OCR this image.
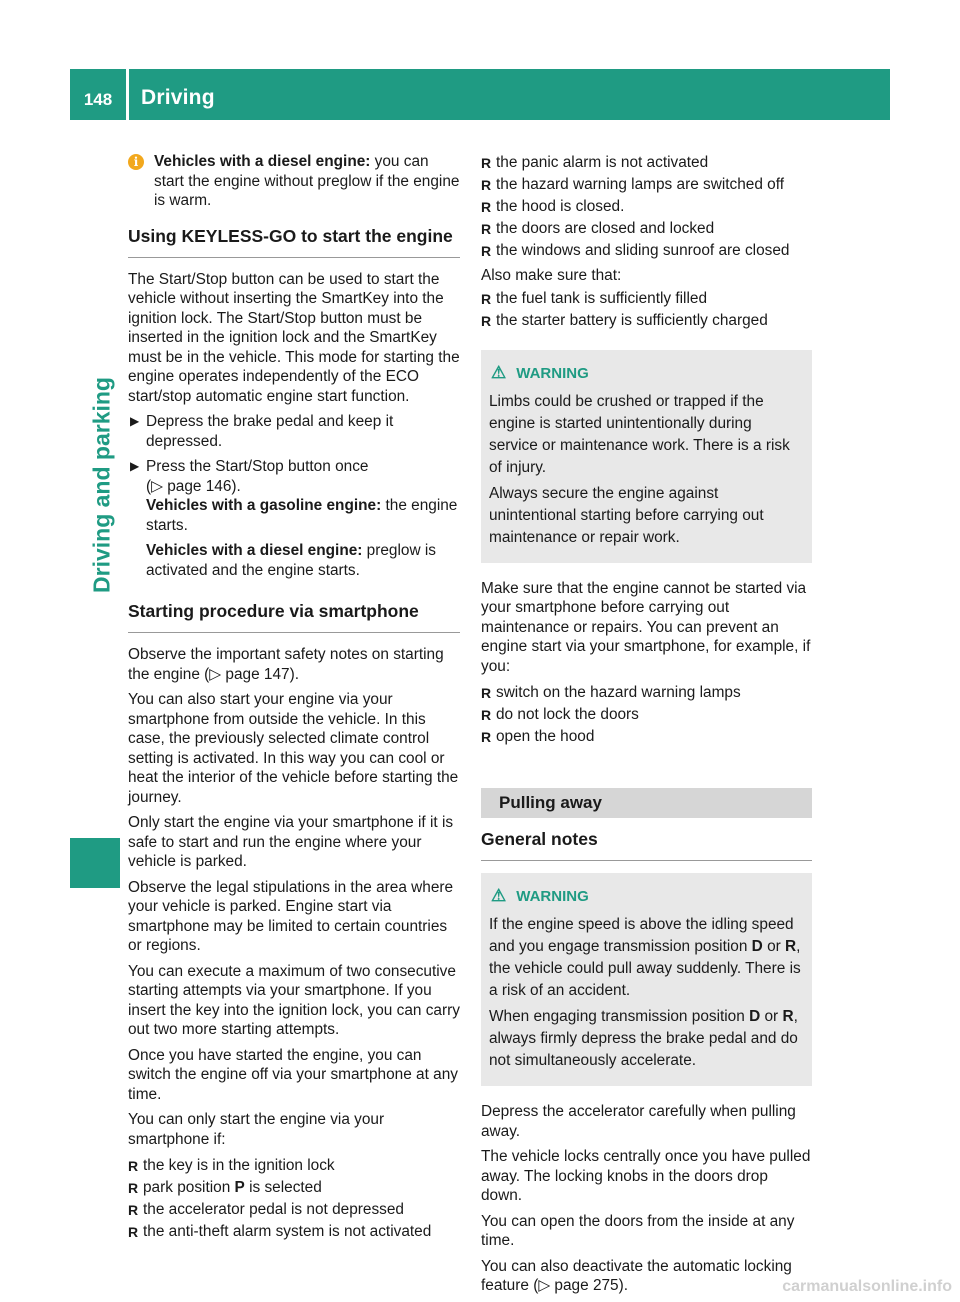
148	Driving
Driving and parking

i	Vehicles with a diesel engine: you can start the engine without preglow if the engine is warm.

Using KEYLESS-GO to start the engine

The Start/Stop button can be used to start the vehicle without inserting the SmartKey into the ignition lock. The Start/Stop button must be inserted in the ignition lock and the SmartKey must be in the vehicle. This mode for starting the engine operates independently of the ECO start/stop automatic engine start function.

▶ Depress the brake pedal and keep it depressed.
▶ Press the Start/Stop button once
(▷ page 146).
Vehicles with a gasoline engine: the engine starts.
Vehicles with a diesel engine: preglow is activated and the engine starts.
Starting procedure via smartphone

Observe the important safety notes on starting the engine (▷ page 147).

You can also start your engine via your smartphone from outside the vehicle. In this case, the previously selected climate control setting is activated. In this way you can cool or heat the interior of the vehicle before starting the journey.

Only start the engine via your smartphone if it is safe to start and run the engine where your vehicle is parked.

Observe the legal stipulations in the area where your vehicle is parked. Engine start via smartphone may be limited to certain countries or regions.

You can execute a maximum of two consecutive starting attempts via your smartphone. If you insert the key into the ignition lock, you can carry out two more starting attempts.

Once you have started the engine, you can switch the engine off via your smartphone at any time.

You can only start the engine via your smartphone if:

R the key is in the ignition lock
R park position P is selected
R the accelerator pedal is not depressed
R the anti-theft alarm system is not activated
R the panic alarm is not activated
R the hazard warning lamps are switched off
R the hood is closed.
R the doors are closed and locked
R the windows and sliding sunroof are closed

Also make sure that:

R the fuel tank is sufficiently filled
R the starter battery is sufficiently charged
⚠ WARNING

Limbs could be crushed or trapped if the engine is started unintentionally during service or maintenance work. There is a risk of injury.

Always secure the engine against unintentional starting before carrying out maintenance or repair work.

Make sure that the engine cannot be started via your smartphone before carrying out maintenance or repairs. You can prevent an engine start via your smartphone, for example, if you:

R switch on the hazard warning lamps
R do not lock the doors
R open the hood
Pulling away
General notes
⚠ WARNING

If the engine speed is above the idling speed and you engage transmission position D or R, the vehicle could pull away suddenly. There is a risk of an accident.

When engaging transmission position D or R, always firmly depress the brake pedal and do not simultaneously accelerate.

Depress the accelerator carefully when pulling away.

The vehicle locks centrally once you have pulled away. The locking knobs in the doors drop down.

You can open the doors from the inside at any time.

You can also deactivate the automatic locking feature (▷ page 275).	carmanualsonline.info
